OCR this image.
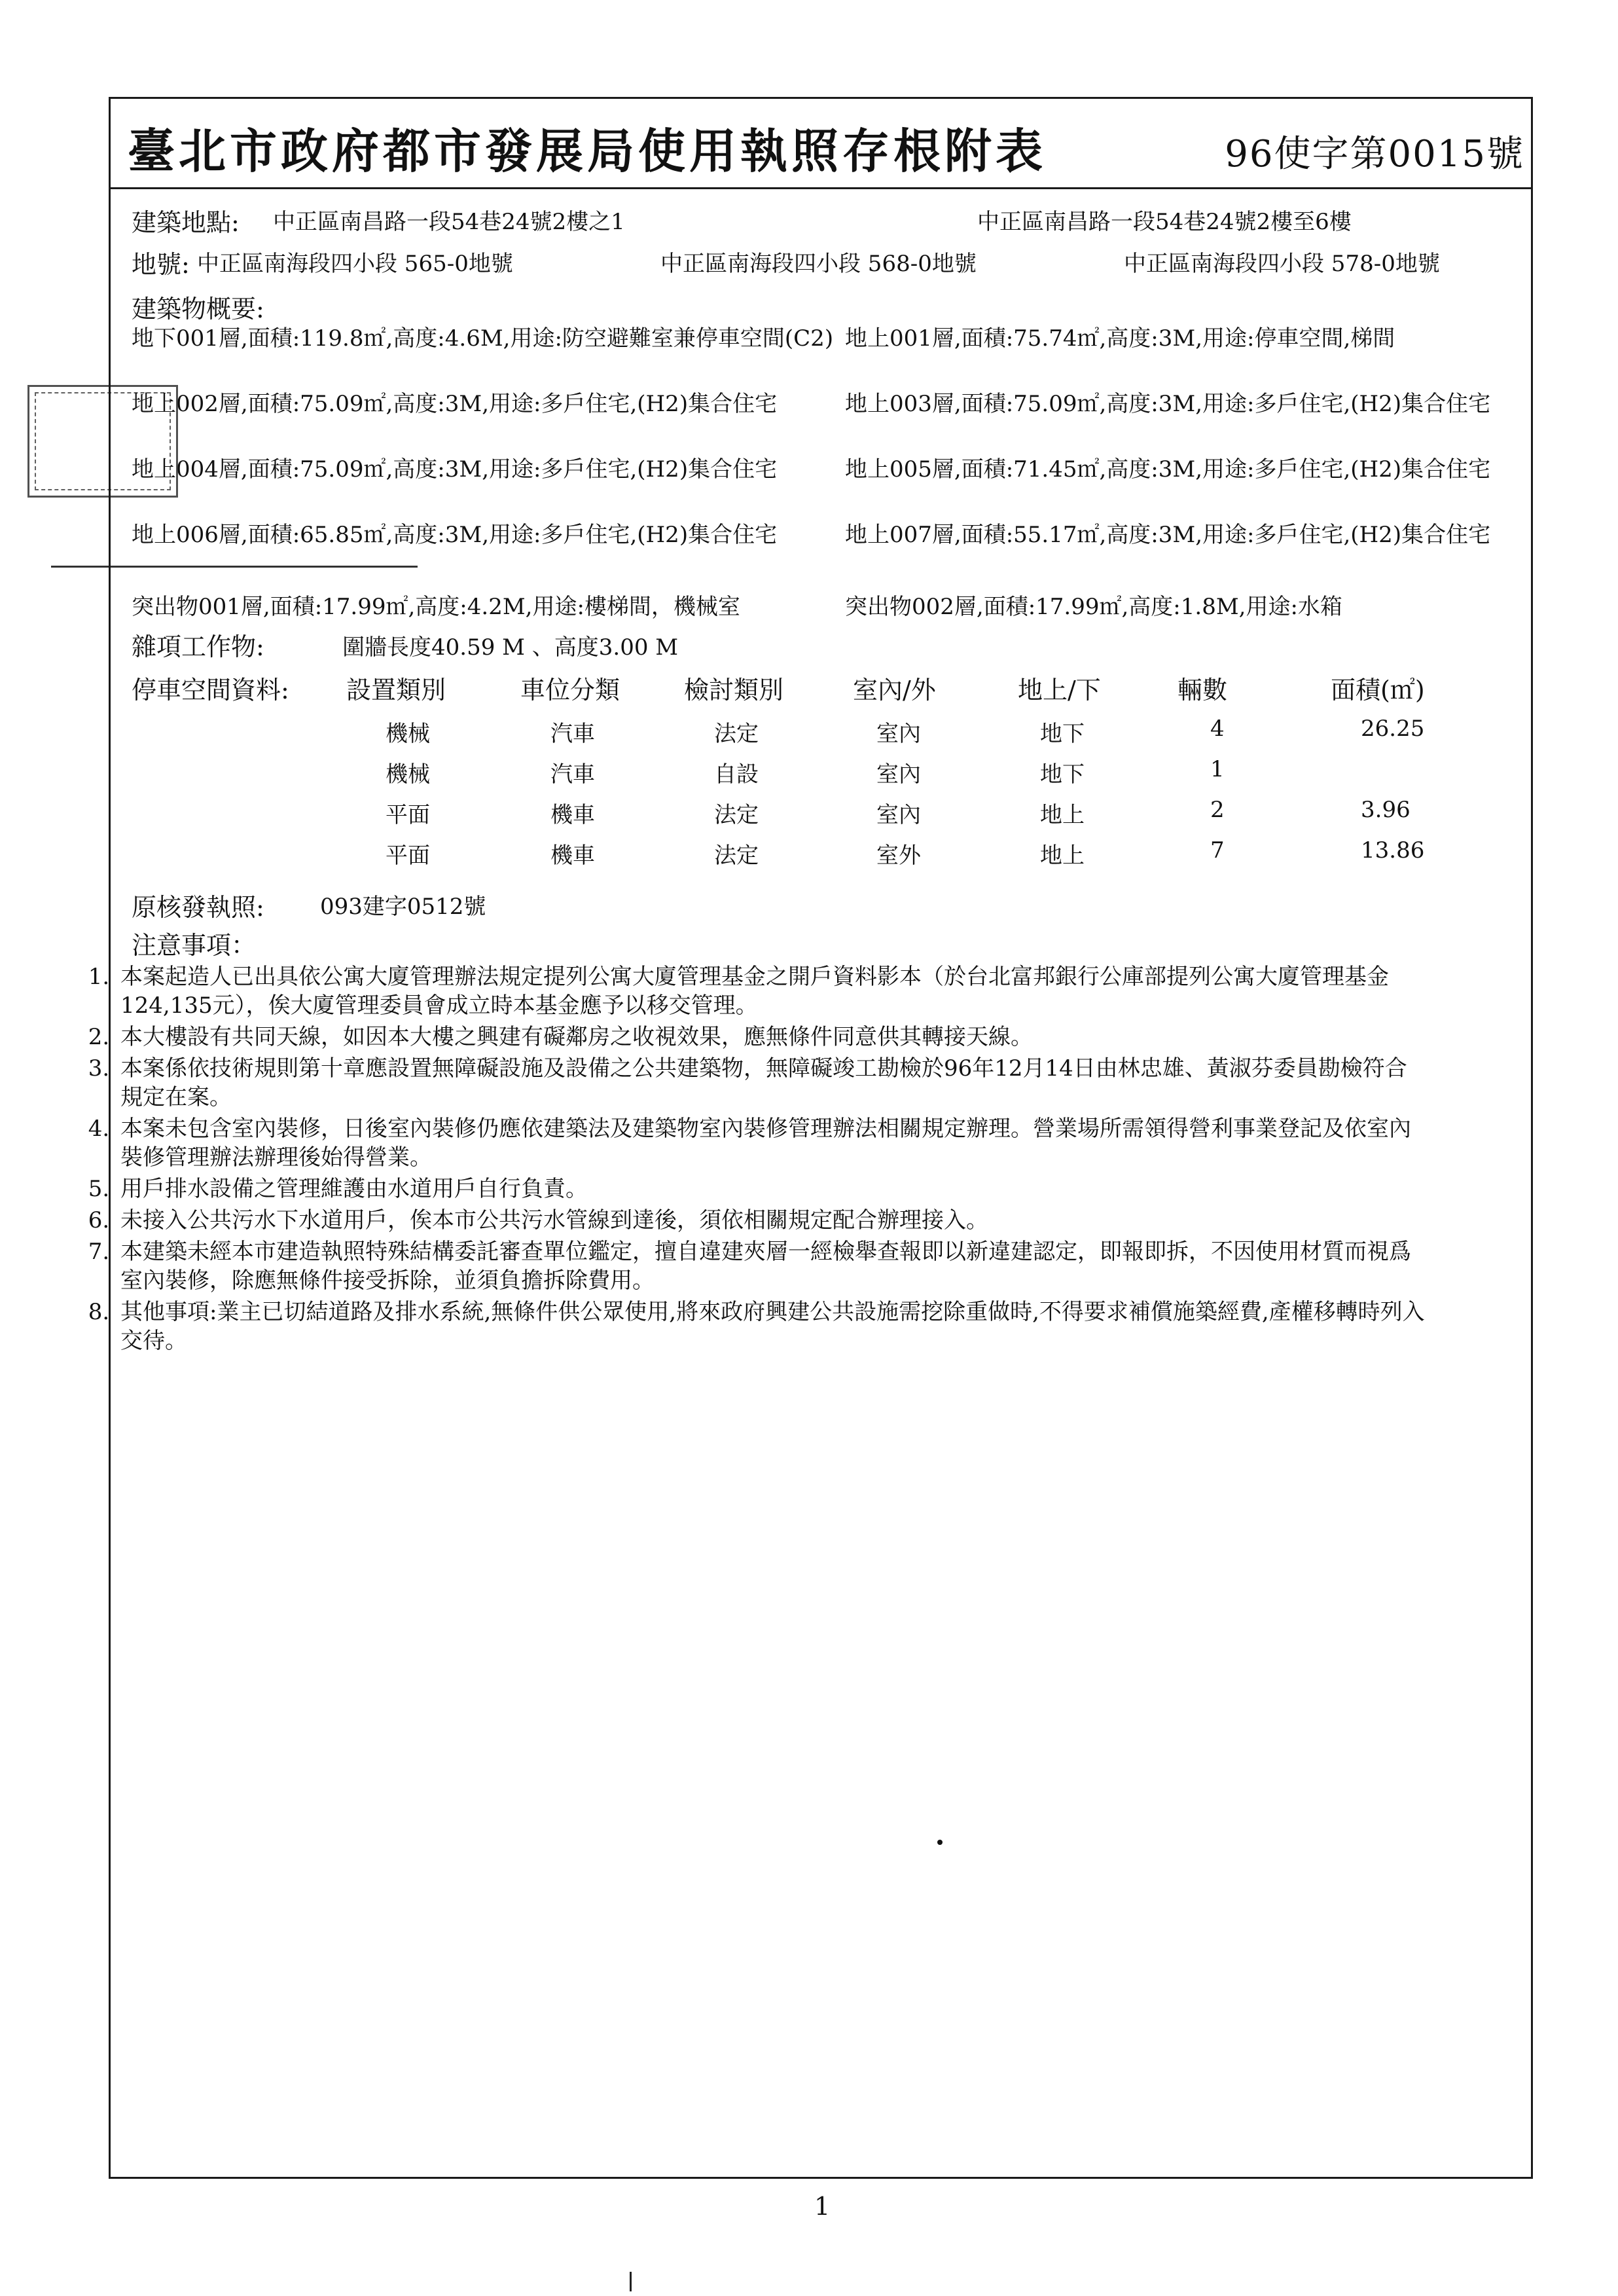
臺北市政府都市發展局使用執照存根附表	96使字第0015號
建築地點: 中正區南昌路一段54巷24號2樓之1	中正區南昌路一段54巷24號2樓至6樓
地號: 中正區南海段四小段 565-0地號	中正區南海段四小段 568-0地號	中正區南海段四小段 578-0地號
建築物概要:
地下001層,面積:119.8㎡,高度:4.6M,用途:防空避難室兼停車空間(C2) 地上001層,面積:75.74㎡,高度:3M,用途:停車空間,梯間
地上002層,面積:75.09㎡,高度:3M,用途:多戶住宅,(H2)集合住宅	地上003層,面積:75.09㎡,高度:3M,用途:多戶住宅,(H2)集合住宅
地上004層,面積:75.09㎡,高度:3M,用途:多戶住宅,(H2)集合住宅	地上005層,面積:71.45㎡,高度:3M,用途:多戶住宅,(H2)集合住宅
地上006層,面積:65.85㎡,高度:3M,用途:多戶住宅,(H2)集合住宅	地上007層,面積:55.17㎡,高度:3M,用途:多戶住宅,(H2)集合住宅
突出物001層,面積:17.99㎡,高度:4.2M,用途:樓梯間，機械室	突出物002層,面積:17.99㎡,高度:1.8M,用途:水箱
雜項工作物:	圍牆長度40.59 M 、高度3.00 M
停車空間資料: 設置類別	車位分類	檢討類別	室內/外	地上/下	輛數	面積(㎡)
機械	汽車	法定	室內	地下	4	26.25
機械	汽車	自設	室內	地下	1
平面	機車	法定	室內	地上	2	3.96
平面	機車	法定	室外	地上	7	13.86
原核發執照:	093建字0512號
注意事項：
1. 本案起造人已出具依公寓大廈管理辦法規定提列公寓大廈管理基金之開戶資料影本（於台北富邦銀行公庫部提列公寓大廈管理基金124,135元），俟大廈管理委員會成立時本基金應予以移交管理。
2. 本大樓設有共同天線，如因本大樓之興建有礙鄰房之收視效果，應無條件同意供其轉接天線。
3. 本案係依技術規則第十章應設置無障礙設施及設備之公共建築物，無障礙竣工勘檢於96年12月14日由林忠雄、黃淑芬委員勘檢符合規定在案。
4. 本案未包含室內裝修，日後室內裝修仍應依建築法及建築物室內裝修管理辦法相關規定辦理。營業場所需領得營利事業登記及依室內裝修管理辦法辦理後始得營業。
5. 用戶排水設備之管理維護由水道用戶自行負責。
6. 未接入公共污水下水道用戶，俟本市公共污水管線到達後，須依相關規定配合辦理接入。
7. 本建築未經本市建造執照特殊結構委託審查單位鑑定，擅自違建夾層一經檢舉查報即以新違建認定，即報即拆，不因使用材質而視爲室內裝修，除應無條件接受拆除，並須負擔拆除費用。
8. 其他事項:業主已切結道路及排水系統,無條件供公眾使用,將來政府興建公共設施需挖除重做時,不得要求補償施築經費,產權移轉時列入交待。
1
